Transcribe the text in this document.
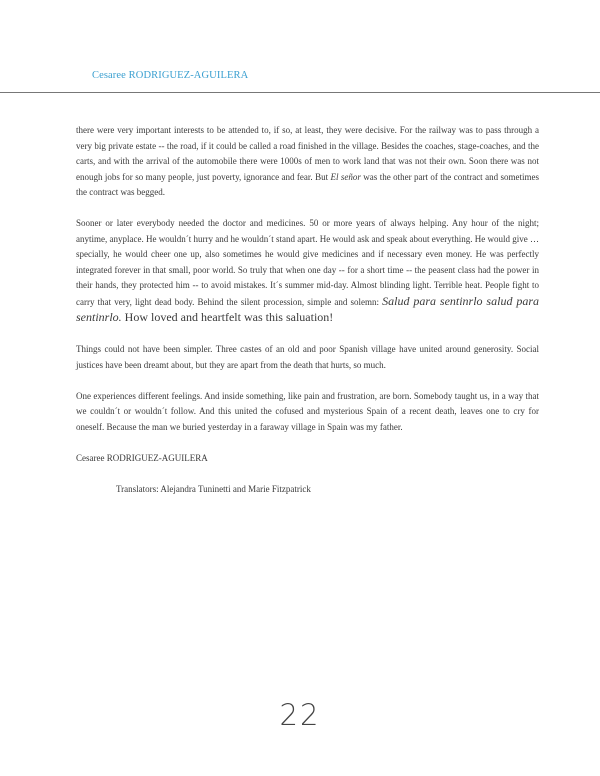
Cesaree RODRIGUEZ-AGUILERA

there were very important interests to be attended to, if so, at least, they were decisive. For the railway was to pass through a very big private estate -- the road, if it could be called a road finished in the village. Besides the coaches, stage-coaches, and the carts, and with the arrival of the automobile there were 1000s of men to work land that was not their own. Soon there was not enough jobs for so many people, just poverty, ignorance and fear. But El señor was the other part of the contract and sometimes the contract was begged.

Sooner or later everybody needed the doctor and medicines. 50 or more years of always helping. Any hour of the night; anytime, anyplace. He wouldn´t hurry and he wouldn´t stand apart. He would ask and speak about everything. He would give … specially, he would cheer one up, also sometimes he would give medicines and if necessary even money. He was perfectly integrated forever in that small, poor world. So truly that when one day -- for a short time -- the peasent class had the power in their hands, they protected him -- to avoid mistakes. It´s summer mid-day. Almost blinding light. Terrible heat. People fight to carry that very, light dead body. Behind the silent procession, simple and solemn: Salud para sentinrlo salud para sentinrlo. How loved and heartfelt was this saluation!

Things could not have been simpler. Three castes of an old and poor Spanish village have united around generosity. Social justices have been dreamt about, but they are apart from the death that hurts, so much.

One experiences different feelings. And inside something, like pain and frustration, are born. Somebody taught us, in a way that we couldn´t or wouldn´t follow. And this united the cofused and mysterious Spain of a recent death, leaves one to cry for oneself. Because the man we buried yesterday in a faraway village in Spain was my father.

Cesaree RODRIGUEZ-AGUILERA

Translators: Alejandra Tuninetti and Marie Fitzpatrick

22
